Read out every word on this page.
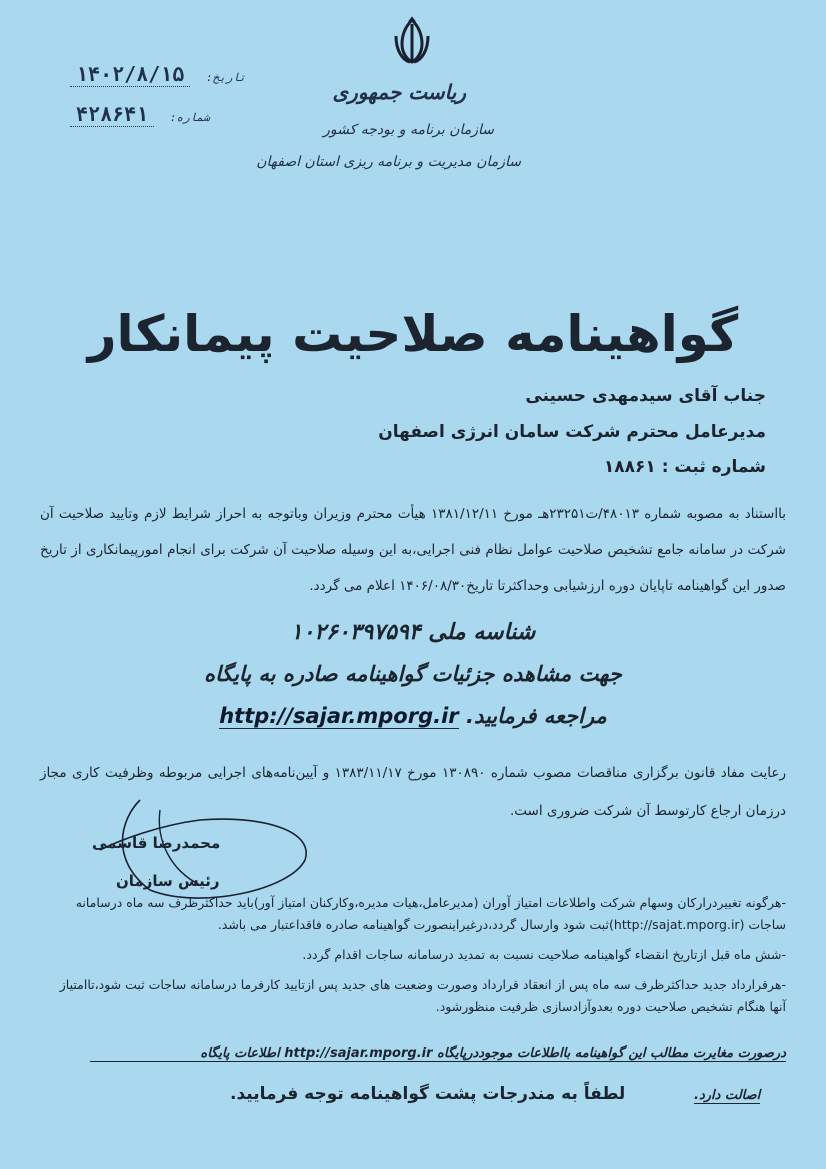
ریاست جمهوری
سازمان برنامه و بودجه کشور
سازمان مدیریت و برنامه ریزی استان اصفهان
۱۴۰۲/۸/۱۵ تاریخ:
۴۲۸۶۴۱ شماره:
گواهینامه صلاحیت پیمانکار
جناب آقای سیدمهدی حسینی
مدیرعامل محترم شرکت سامان انرژی اصفهان
شماره ثبت : ۱۸۸۶۱
بااستناد به مصوبه شماره ۴۸۰۱۳/ت۲۳۲۵۱هـ مورخ ۱۳۸۱/۱۲/۱۱ هیأت محترم وزیران وباتوجه به احراز شرایط لازم وتایید صلاحیت آن شرکت در سامانه جامع تشخیص صلاحیت عوامل نظام فنی اجرایی،به این وسیله صلاحیت آن شرکت برای انجام امورپیمانکاری از تاریخ صدور این گواهینامه تاپایان دوره ارزشیابی وحداکثرتا تاریخ۱۴۰۶/۰۸/۳۰ اعلام می گردد.
شناسه ملی ۱۰۲۶۰۳۹۷۵۹۴
جهت مشاهده جزئیات گواهینامه صادره به پایگاه
http://sajar.mporg.ir مراجعه فرمایید.
رعایت مفاد قانون برگزاری مناقصات مصوب شماره ۱۳۰۸۹۰ مورخ ۱۳۸۳/۱۱/۱۷ و آیین‌نامه‌های اجرایی مربوطه وظرفیت کاری مجاز درزمان ارجاع کارتوسط آن شرکت ضروری است.
محمدرضا قاسمی
رئیس سازمان

-هرگونه تغییردرارکان وسهام شرکت واطلاعات امتیاز آوران (مدیرعامل،هیات مدیره،وکارکنان امتیاز آور)باید حداکثرظرف سه ماه درسامانه ساجات (http://sajat.mporg.ir)ثبت شود وارسال گردد،درغیراینصورت گواهینامه صادره فاقداعتبار می باشد.

-شش ماه قبل ازتاریخ انقضاء گواهینامه صلاحیت نسبت به تمدید درسامانه ساجات اقدام گردد.

-هرقرارداد جدید حداکثرظرف سه ماه پس از انعقاد قرارداد وصورت وضعیت های جدید پس ازتایید کارفرما درسامانه ساجات ثبت شود،تاامتیاز آنها هنگام تشخیص صلاحیت دوره بعدوآزادسازی ظرفیت منظورشود.

درصورت مغایرت مطالب این گواهینامه بااطلاعات موجوددرپایگاه http://sajar.mporg.ir اطلاعات پایگاه
اصالت دارد.
لطفاً به مندرجات پشت گواهینامه توجه فرمایید.
